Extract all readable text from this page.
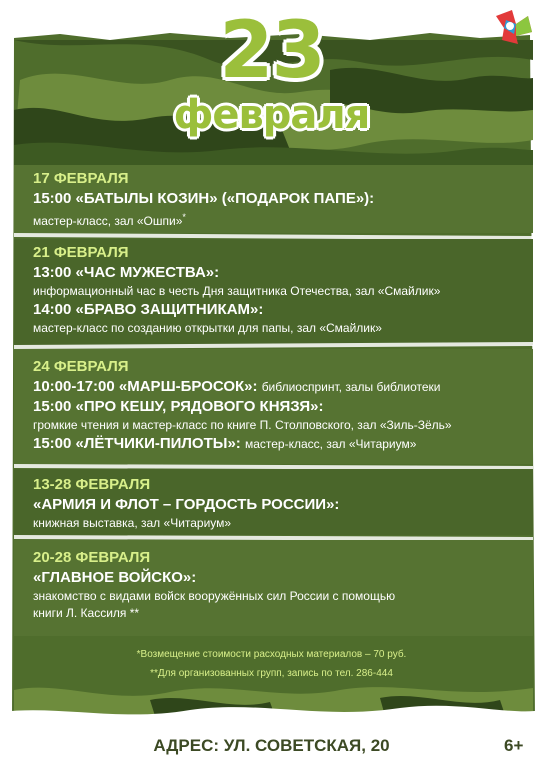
23
февраля
17 ФЕВРАЛЯ
15:00 «БАТЫЛЫ КОЗИН» («ПОДАРОК ПАПЕ»):
мастер-класс, зал «Ошпи»*
21 ФЕВРАЛЯ
13:00 «ЧАС МУЖЕСТВА»:
информационный час в честь Дня защитника Отечества, зал «Смайлик»
14:00 «БРАВО ЗАЩИТНИКАМ»:
мастер-класс по созданию открытки для папы, зал «Смайлик»
24 ФЕВРАЛЯ
10:00-17:00 «МАРШ-БРОСОК»: библиоспринт, залы библиотеки
15:00 «ПРО КЕШУ, РЯДОВОГО КНЯЗЯ»:
громкие чтения и мастер-класс по книге П. Столповского, зал «Зиль-Зёль»
15:00 «ЛЁТЧИКИ-ПИЛОТЫ»: мастер-класс, зал «Читариум»
13-28 ФЕВРАЛЯ
«АРМИЯ И ФЛОТ – ГОРДОСТЬ РОССИИ»:
книжная выставка, зал «Читариум»
20-28 ФЕВРАЛЯ
«ГЛАВНОЕ ВОЙСКО»:
знакомство с видами войск вооружённых сил России с помощью
книги Л. Кассиля **
*Возмещение стоимости расходных материалов – 70 руб.
**Для организованных групп, запись по тел. 286-444
АДРЕС: УЛ. СОВЕТСКАЯ, 20	6+
